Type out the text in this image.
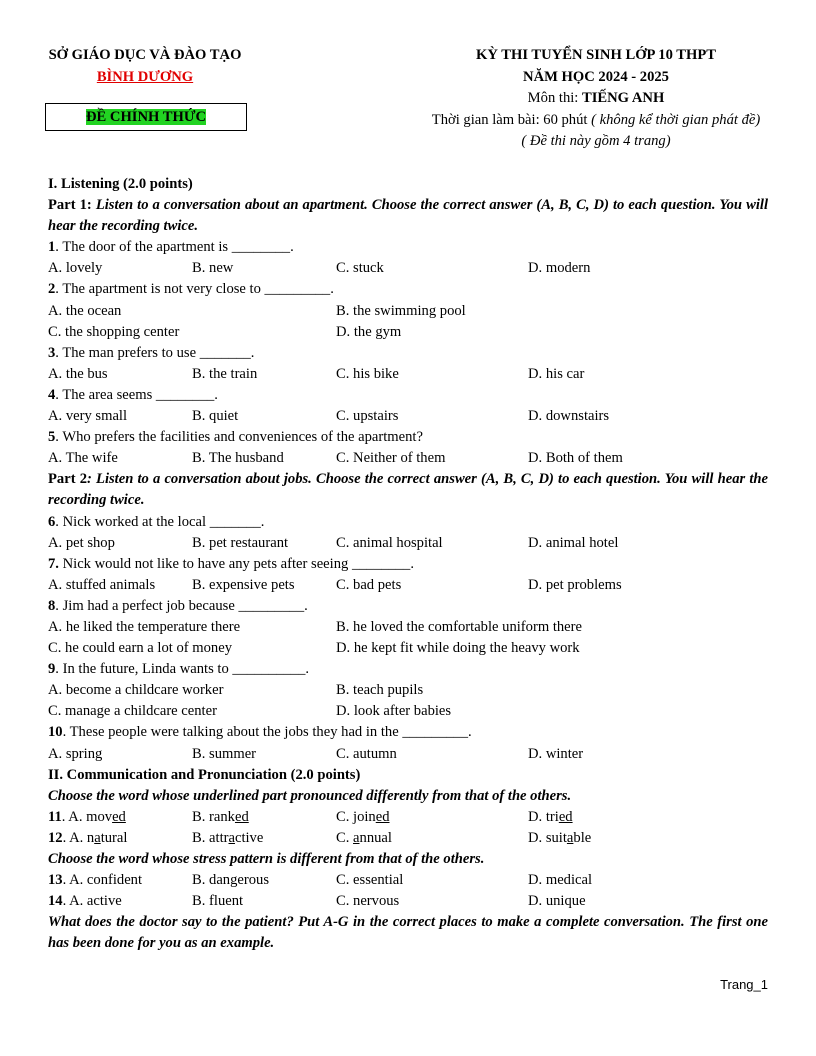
SỞ GIÁO DỤC VÀ ĐÀO TẠO
BÌNH DƯƠNG
ĐỀ CHÍNH THỨC
KỲ THI TUYỂN SINH LỚP 10 THPT
NĂM HỌC 2024 - 2025
Môn thi: TIẾNG ANH
Thời gian làm bài: 60 phút ( không kể thời gian phát đề)
( Đề thi này gồm 4 trang)
I. Listening (2.0 points)
Part 1: Listen to a conversation about an apartment. Choose the correct answer (A, B, C, D) to each question. You will hear the recording twice.
1. The door of the apartment is ________.
A. lovely	B. new	C. stuck	D. modern
2. The apartment is not very close to _________.
A. the ocean	B. the swimming pool
C. the shopping center	D. the gym
3. The man prefers to use _______.
A. the bus	B. the train	C. his bike	D. his car
4. The area seems ________.
A. very small	B. quiet	C. upstairs	D. downstairs
5. Who prefers the facilities and conveniences of the apartment?
A. The wife	B. The husband	C. Neither of them	D. Both of them
Part 2: Listen to a conversation about jobs. Choose the correct answer (A, B, C, D) to each question. You will hear the recording twice.
6. Nick worked at the local _______.
A. pet shop	B. pet restaurant	C. animal hospital	D. animal hotel
7. Nick would not like to have any pets after seeing ________.
A. stuffed animals	B. expensive pets	C. bad pets	D. pet problems
8. Jim had a perfect job because _________.
A. he liked the temperature there	B. he loved the comfortable uniform there
C. he could earn a lot of money	D. he kept fit while doing the heavy work
9. In the future, Linda wants to __________.
A. become a childcare worker	B. teach pupils
C. manage a childcare center	D. look after babies
10. These people were talking about the jobs they had in the _________.
A. spring	B. summer	C. autumn	D. winter
II. Communication and Pronunciation (2.0 points)
Choose the word whose underlined part pronounced differently from that of the others.
11. A. moved	B. ranked	C. joined	D. tried
12. A. natural	B. attractive	C. annual	D. suitable
Choose the word whose stress pattern is different from that of the others.
13. A. confident	B. dangerous	C. essential	D. medical
14. A. active	B. fluent	C. nervous	D. unique
What does the doctor say to the patient? Put A-G in the correct places to make a complete conversation. The first one has been done for you as an example.
Trang_1
